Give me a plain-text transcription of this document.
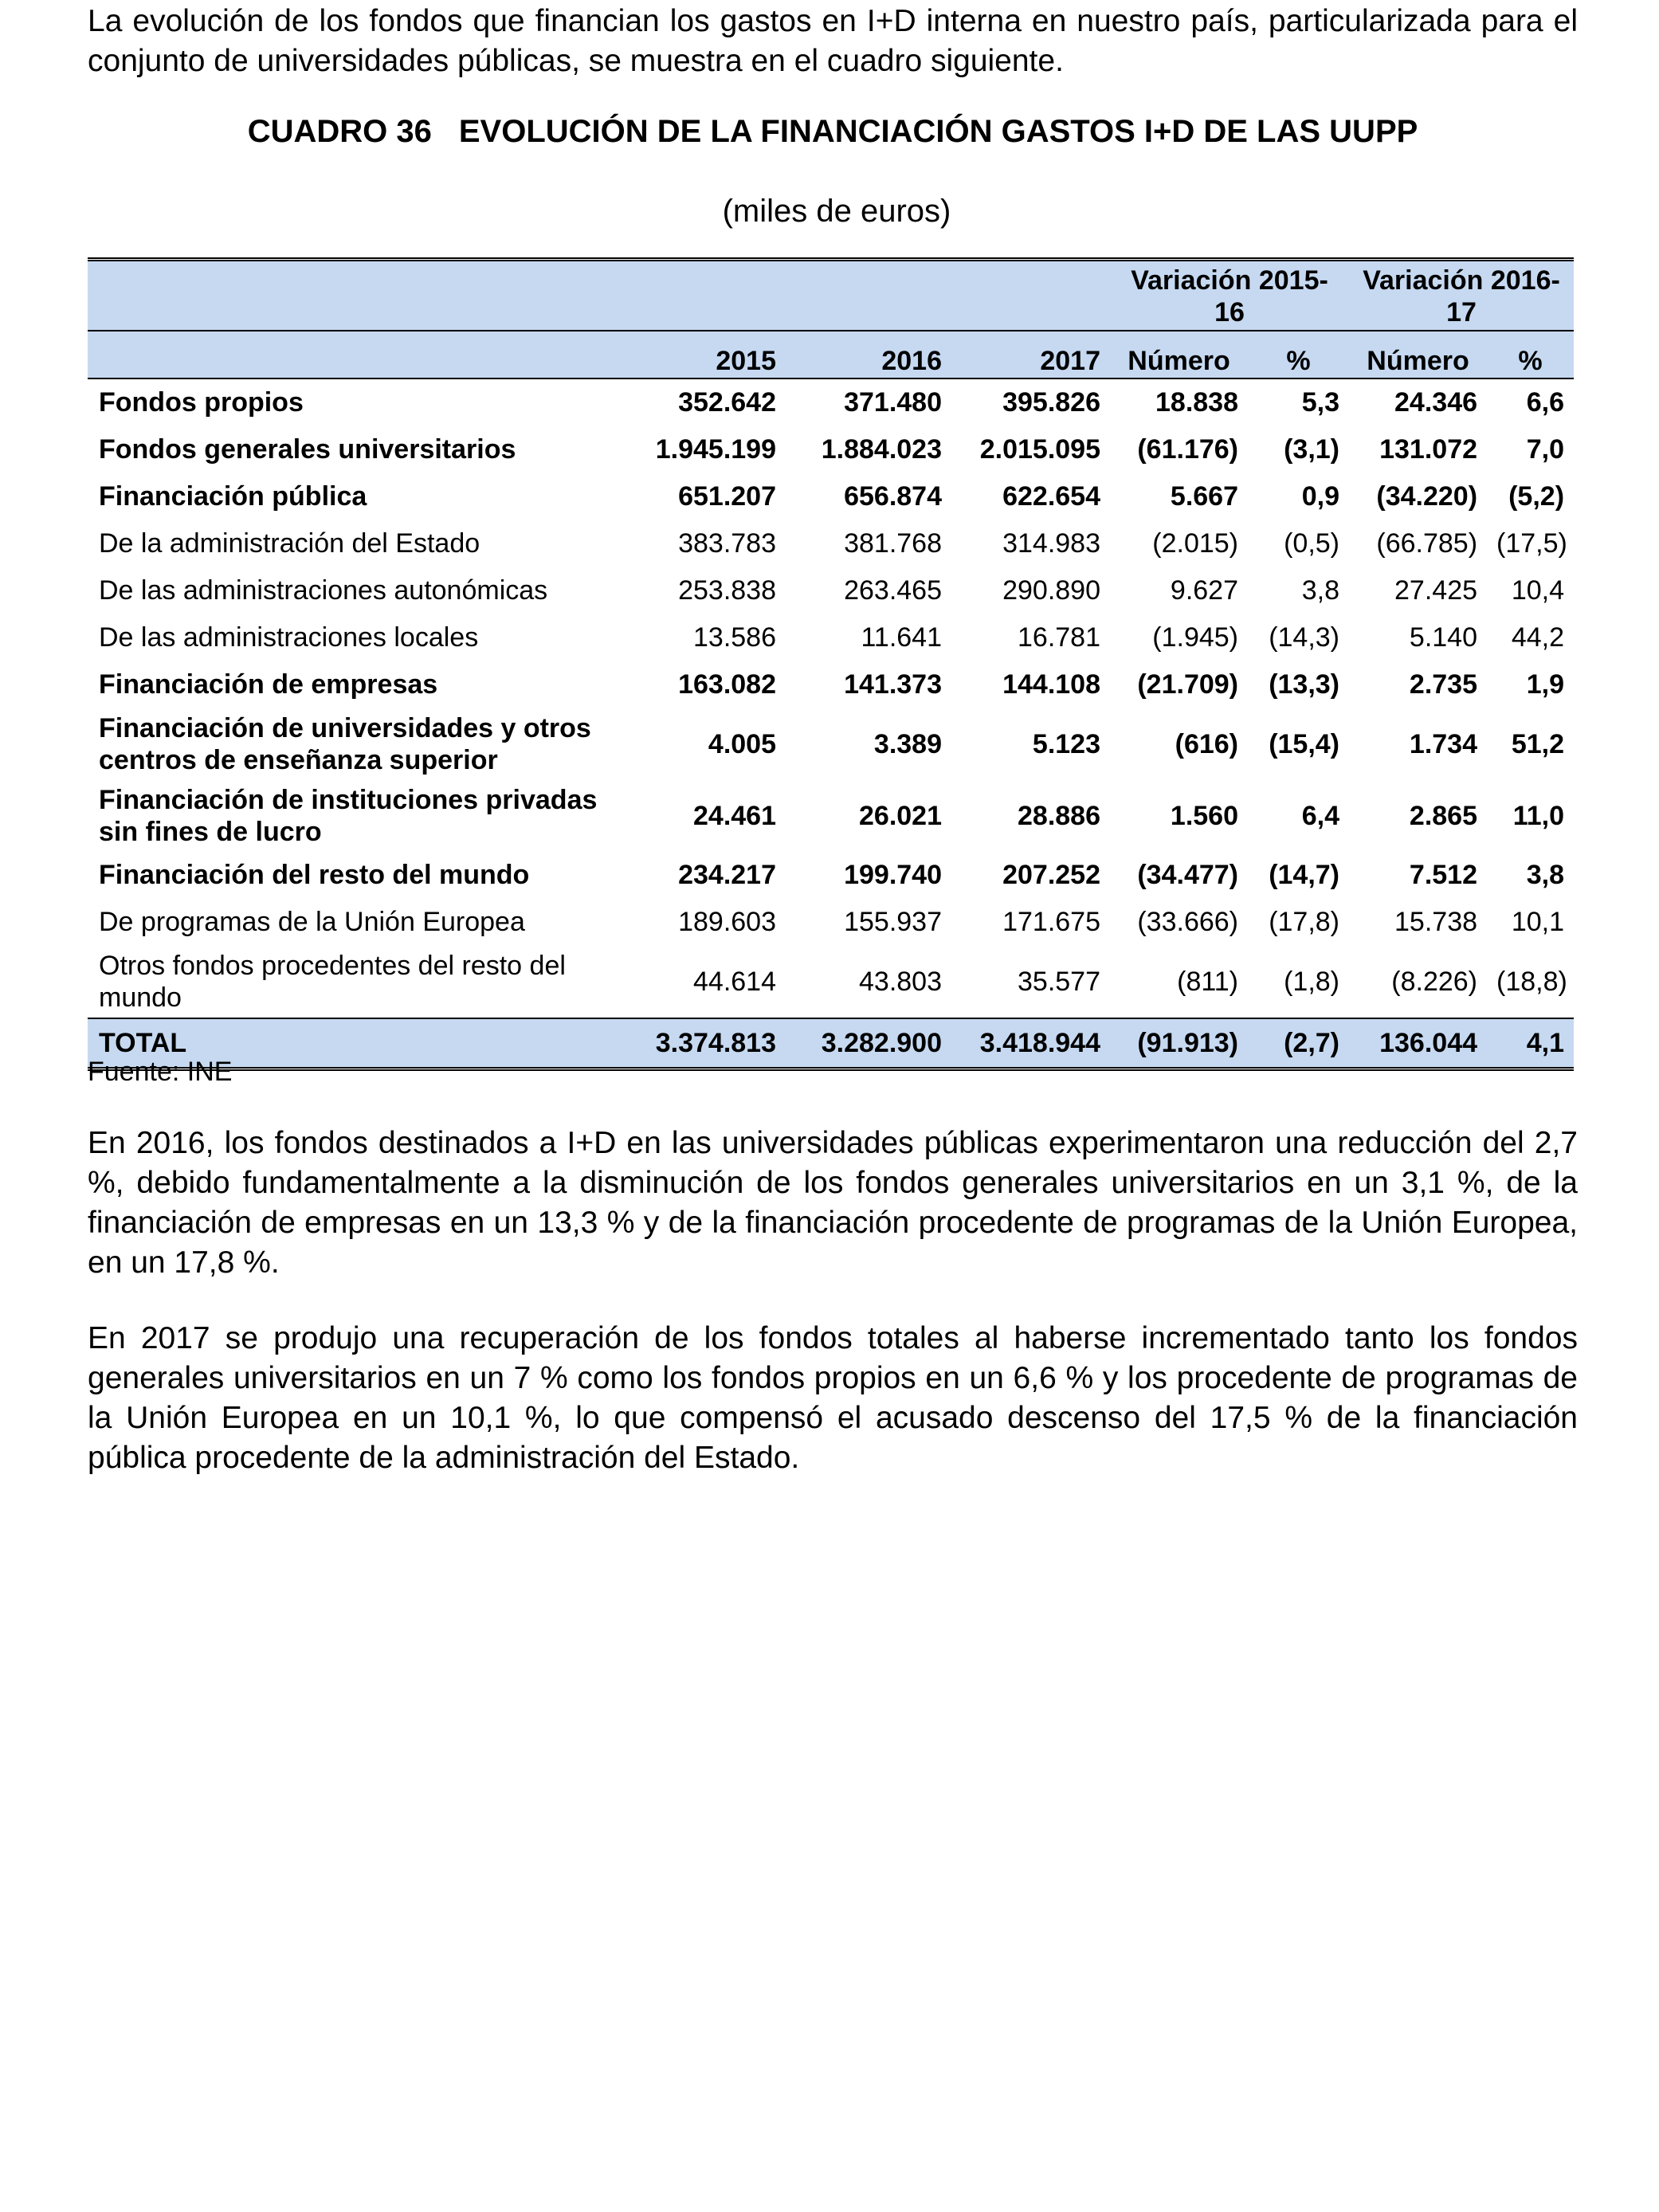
La evolución de los fondos que financian los gastos en I+D interna en nuestro país, particularizada para el conjunto de universidades públicas, se muestra en el cuadro siguiente.

CUADRO 36 EVOLUCIÓN DE LA FINANCIACIÓN GASTOS I+D DE LAS UUPP

(miles de euros)

				Variación 2015-16		Variación 2016-17	
	2015	2016	2017	Número	%	Número	%
Fondos propios	352.642	371.480	395.826	18.838	5,3	24.346	6,6
Fondos generales universitarios	1.945.199	1.884.023	2.015.095	(61.176)	(3,1)	131.072	7,0
Financiación pública	651.207	656.874	622.654	5.667	0,9	(34.220)	(5,2)
De la administración del Estado	383.783	381.768	314.983	(2.015)	(0,5)	(66.785)	(17,5)
De las administraciones autonómicas	253.838	263.465	290.890	9.627	3,8	27.425	10,4
De las administraciones locales	13.586	11.641	16.781	(1.945)	(14,3)	5.140	44,2
Financiación de empresas	163.082	141.373	144.108	(21.709)	(13,3)	2.735	1,9
Financiación de universidades y otros centros de enseñanza superior	4.005	3.389	5.123	(616)	(15,4)	1.734	51,2
Financiación de instituciones privadas sin fines de lucro	24.461	26.021	28.886	1.560	6,4	2.865	11,0
Financiación del resto del mundo	234.217	199.740	207.252	(34.477)	(14,7)	7.512	3,8
De programas de la Unión Europea	189.603	155.937	171.675	(33.666)	(17,8)	15.738	10,1
Otros fondos procedentes del resto del mundo	44.614	43.803	35.577	(811)	(1,8)	(8.226)	(18,8)
TOTAL	3.374.813	3.282.900	3.418.944	(91.913)	(2,7)	136.044	4,1

Fuente: INE

En 2016, los fondos destinados a I+D en las universidades públicas experimentaron una reducción del 2,7 %, debido fundamentalmente a la disminución de los fondos generales universitarios en un 3,1 %, de la financiación de empresas en un 13,3 % y de la financiación procedente de programas de la Unión Europea, en un 17,8 %.

En 2017 se produjo una recuperación de los fondos totales al haberse incrementado tanto los fondos generales universitarios en un 7 % como los fondos propios en un 6,6 % y los procedente de programas de la Unión Europea en un 10,1 %, lo que compensó el acusado descenso del 17,5 % de la financiación pública procedente de la administración del Estado.
